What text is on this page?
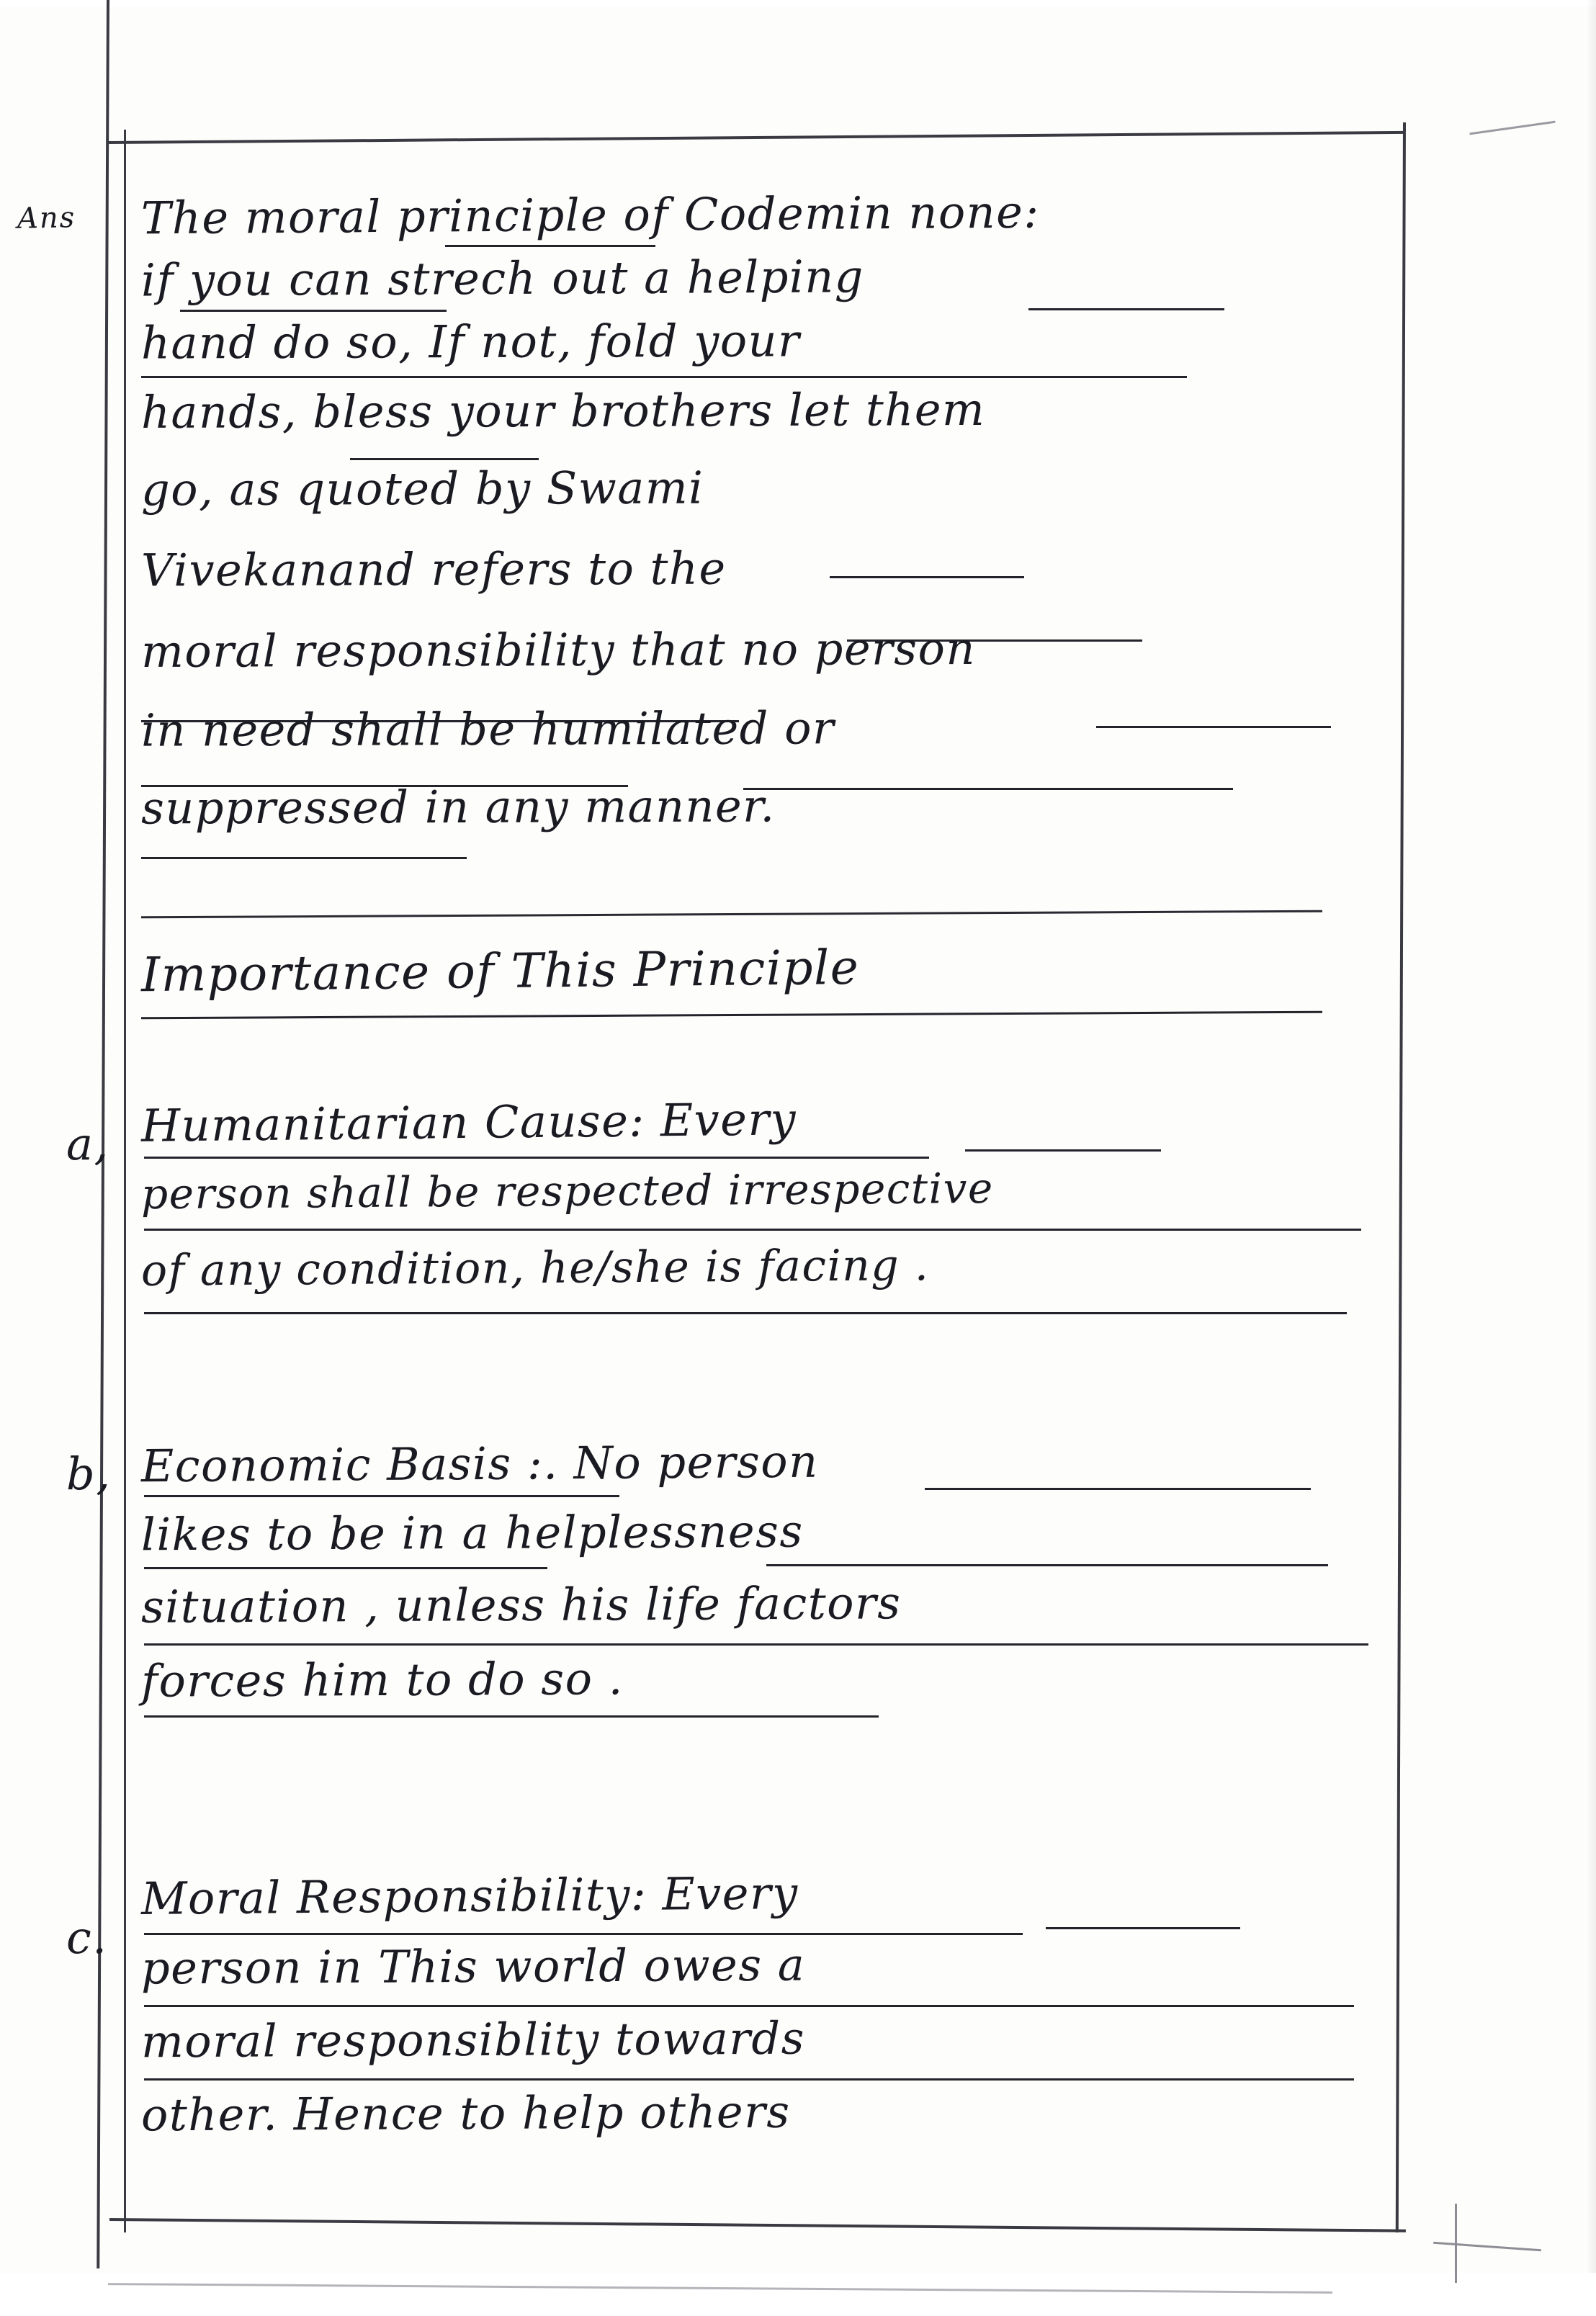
Ans The moral principle of Codemin none:
if you can strech out a helping
hand do so, If not, fold your
hands, bless your brothers let them
go, as quoted by Swami
Vivekanand refers to the
moral responsibility that no person
in need shall be humilated or
suppressed in any manner.
Importance of This Principle
a, Humanitarian Cause: Every
person shall be respected irrespective
of any condition, he/she is facing .
b, Economic Basis :. No person
likes to be in a helplessness
situation , unless his life factors
forces him to do so .
c.
Moral Responsibility: Every
person in This world owes a
moral responsiblity towards
other. Hence to help others
